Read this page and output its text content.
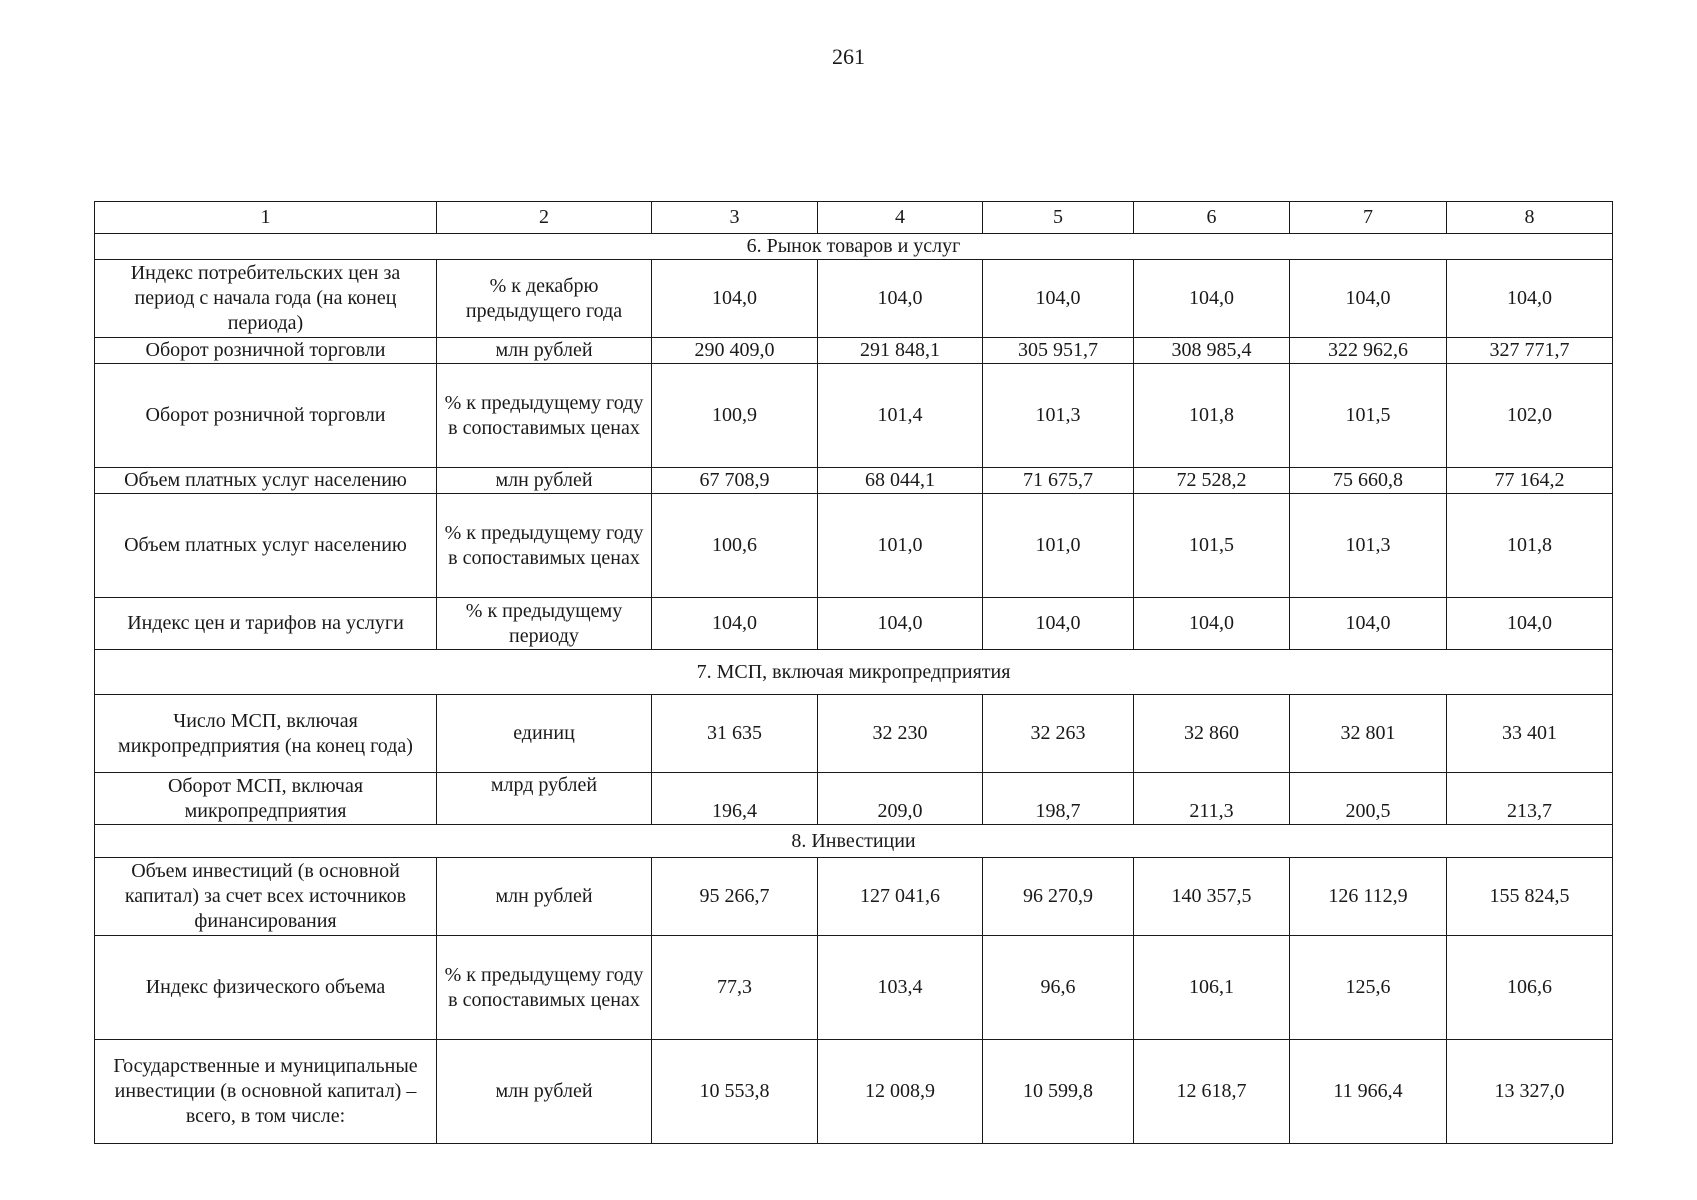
261
1	2	3	4	5	6	7	8
6. Рынок товаров и услуг							
Индекс потребительских цен за период с начала года (на конец периода)	% к декабрю предыдущего года	104,0	104,0	104,0	104,0	104,0	104,0
Оборот розничной торговли	млн рублей	290 409,0	291 848,1	305 951,7	308 985,4	322 962,6	327 771,7
Оборот розничной торговли	% к предыдущему году в сопоставимых ценах	100,9	101,4	101,3	101,8	101,5	102,0
Объем платных услуг населению	млн рублей	67 708,9	68 044,1	71 675,7	72 528,2	75 660,8	77 164,2
Объем платных услуг населению	% к предыдущему году в сопоставимых ценах	100,6	101,0	101,0	101,5	101,3	101,8
Индекс цен и тарифов на услуги	% к предыдущему периоду	104,0	104,0	104,0	104,0	104,0	104,0
7. МСП, включая микропредприятия							
Число МСП, включая микропредприятия (на конец года)	единиц	31 635	32 230	32 263	32 860	32 801	33 401
Оборот МСП, включая микропредприятия	млрд рублей	196,4	209,0	198,7	211,3	200,5	213,7
8. Инвестиции							
Объем инвестиций (в основной капитал) за счет всех источников финансирования	млн рублей	95 266,7	127 041,6	96 270,9	140 357,5	126 112,9	155 824,5
Индекс физического объема	% к предыдущему году в сопоставимых ценах	77,3	103,4	96,6	106,1	125,6	106,6
Государственные и муниципальные инвестиции (в основной капитал) – всего, в том числе:	млн рублей	10 553,8	12 008,9	10 599,8	12 618,7	11 966,4	13 327,0
